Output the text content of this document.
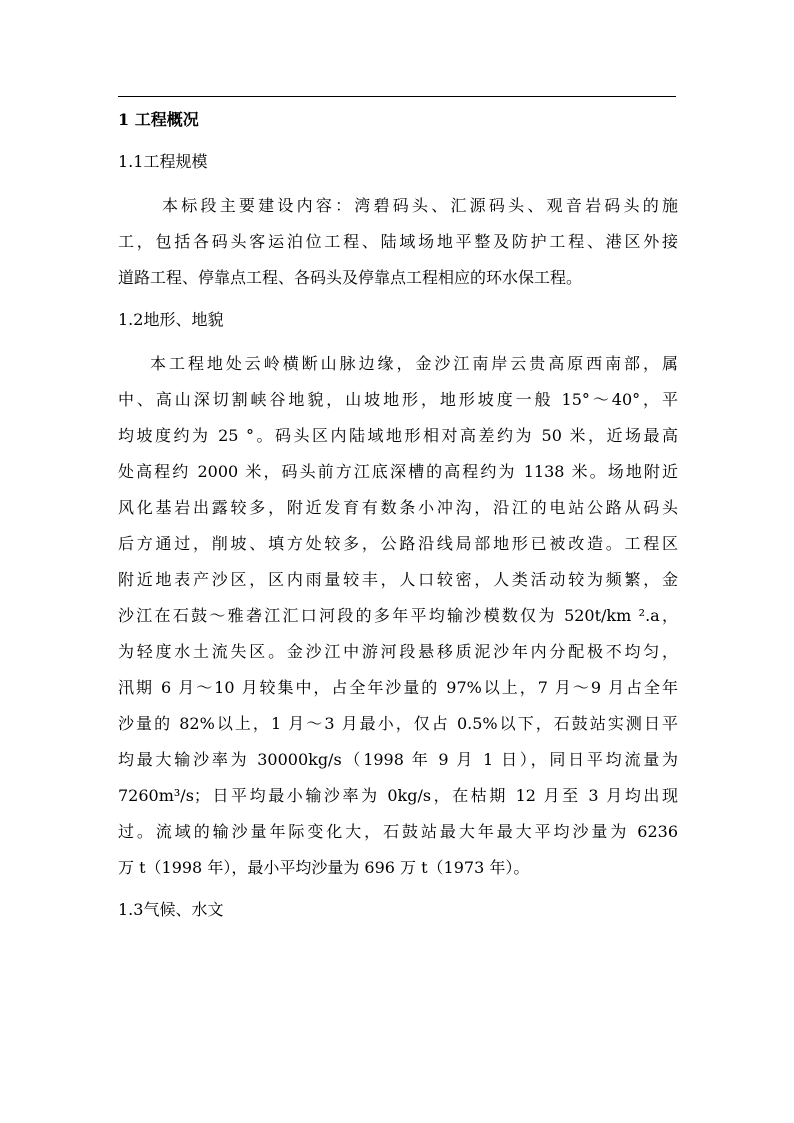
1 工程概况
1.1工程规模
本标段主要建设内容：湾碧码头、汇源码头、观音岩码头的施
工，包括各码头客运泊位工程、陆域场地平整及防护工程、港区外接
道路工程、停靠点工程、各码头及停靠点工程相应的环水保工程。
1.2地形、地貌
本工程地处云岭横断山脉边缘，金沙江南岸云贵高原西南部，属
中、高山深切割峡谷地貌，山坡地形，地形坡度一般 15°～40°，平
均坡度约为 25 °。码头区内陆域地形相对高差约为 50 米，近场最高
处高程约 2000 米，码头前方江底深槽的高程约为 1138 米。场地附近
风化基岩出露较多，附近发育有数条小冲沟，沿江的电站公路从码头
后方通过，削坡、填方处较多，公路沿线局部地形已被改造。工程区
附近地表产沙区，区内雨量较丰，人口较密，人类活动较为频繁，金
沙江在石鼓～雅砻江汇口河段的多年平均输沙模数仅为 520t/km ².a，
为轻度水土流失区。金沙江中游河段悬移质泥沙年内分配极不均匀，
汛期 6 月～10 月较集中，占全年沙量的 97%以上，7 月～9 月占全年
沙量的 82%以上，1 月～3 月最小，仅占 0.5%以下，石鼓站实测日平
均最大输沙率为 30000kg/s（1998 年 9 月 1 日），同日平均流量为
7260m³/s；日平均最小输沙率为 0kg/s，在枯期 12 月至 3 月均出现
过。流域的输沙量年际变化大，石鼓站最大年最大平均沙量为 6236
万 t（1998 年），最小平均沙量为 696 万 t（1973 年）。
1.3气候、水文
